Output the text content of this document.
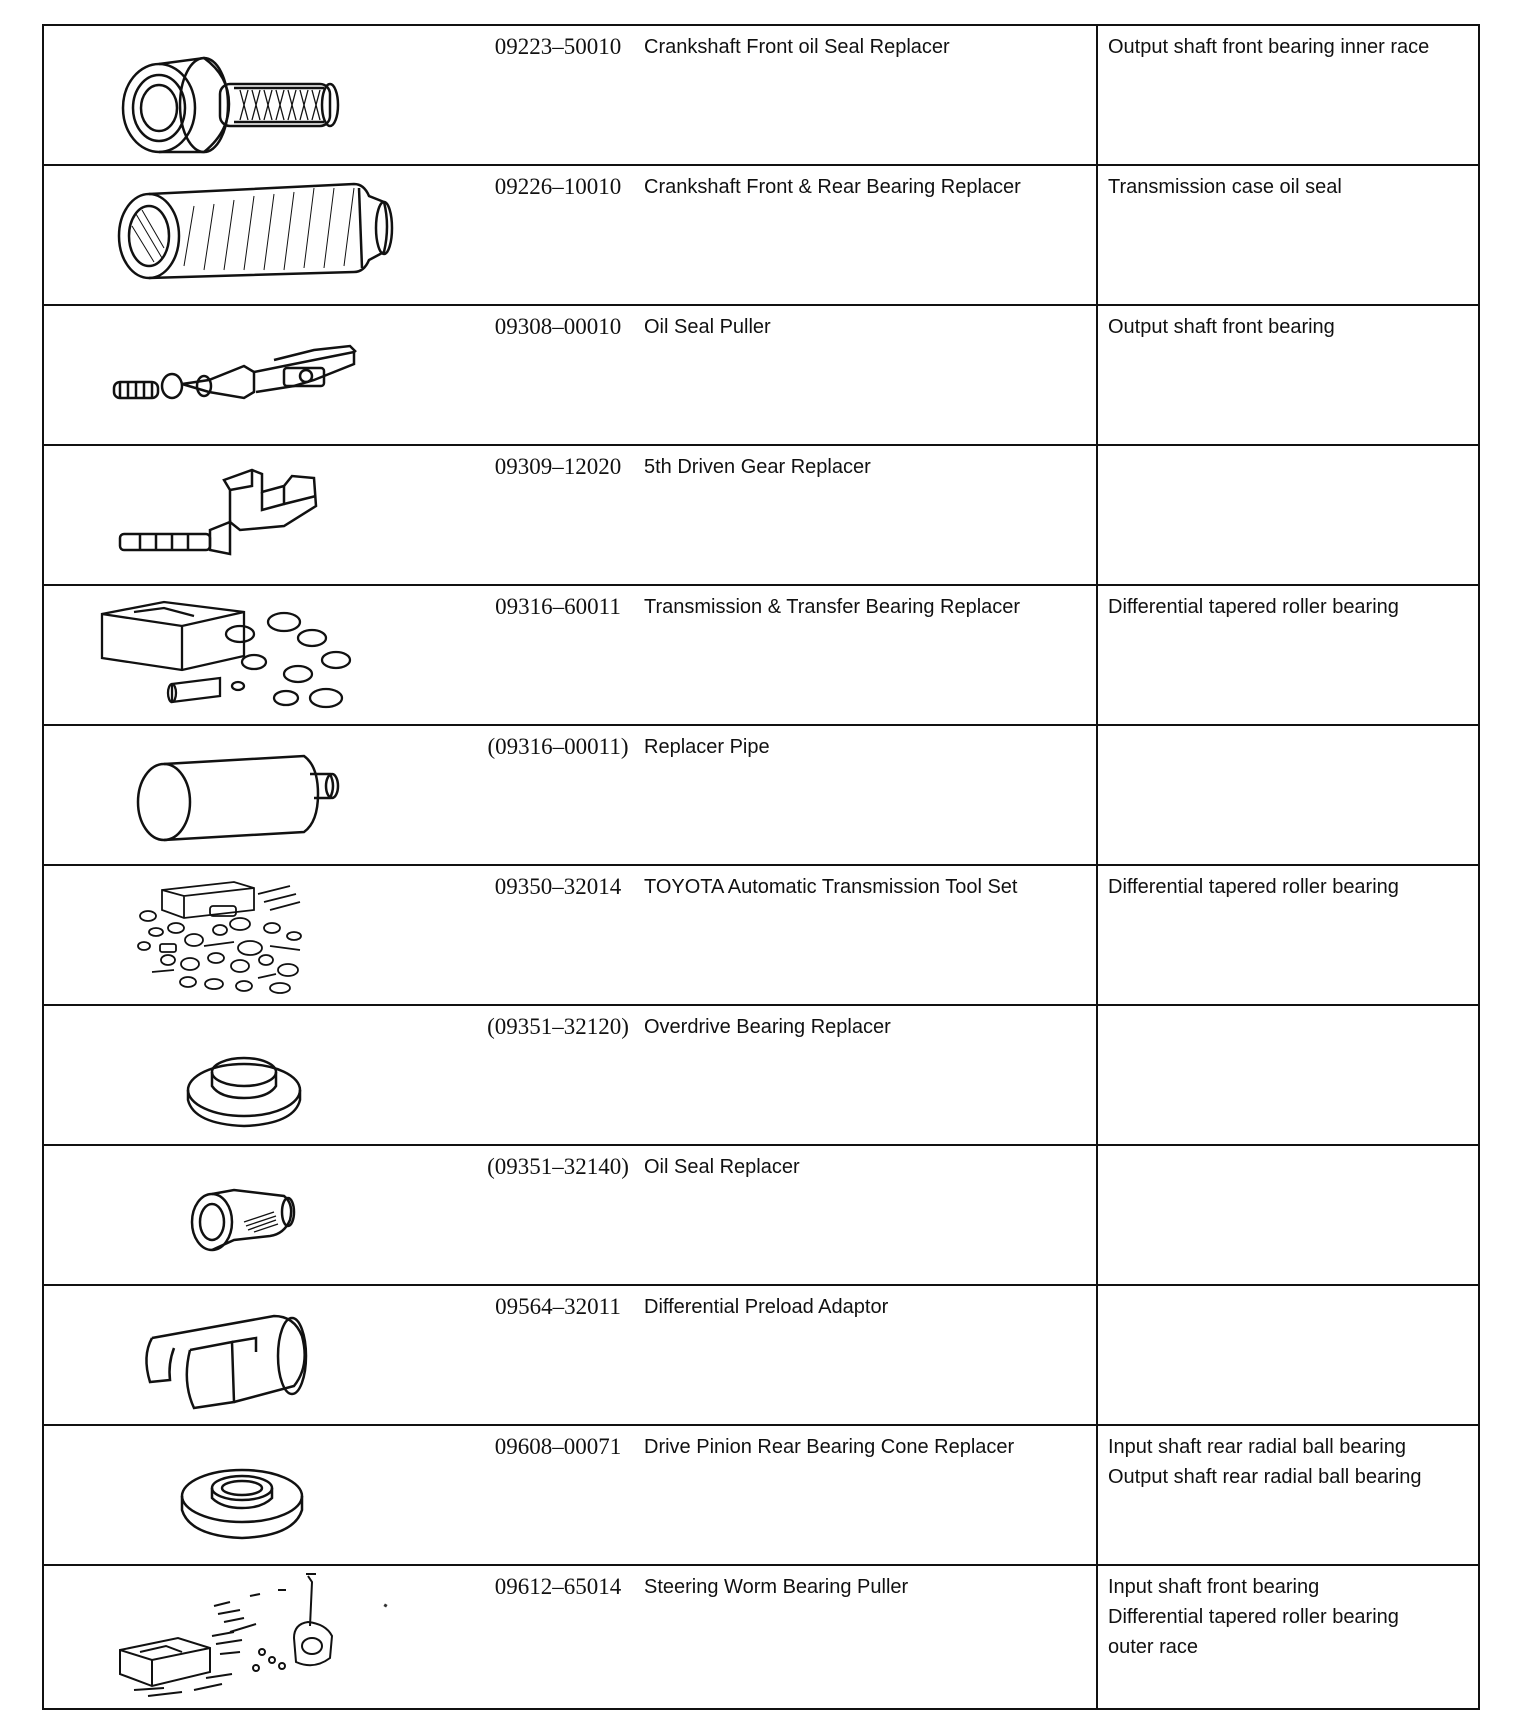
09223–50010	Crankshaft Front oil Seal Replacer	Output shaft front bearing inner race
09226–10010	Crankshaft Front & Rear Bearing Replacer	Transmission case oil seal
09308–00010	Oil Seal Puller	Output shaft front bearing
09309–12020	5th Driven Gear Replacer
09316–60011	Transmission & Transfer Bearing Replacer	Differential tapered roller bearing
(09316–00011) Replacer Pipe
09350–32014	TOYOTA Automatic Transmission Tool Set	Differential tapered roller bearing
(09351–32120) Overdrive Bearing Replacer
(09351–32140) Oil Seal Replacer
09564–32011	Differential Preload Adaptor
09608–00071	Drive Pinion Rear Bearing Cone Replacer	Input shaft rear radial ball bearing
Output shaft rear radial ball bearing
09612–65014	Steering Worm Bearing Puller	Input shaft front bearing
Differential tapered roller bearing
outer race
